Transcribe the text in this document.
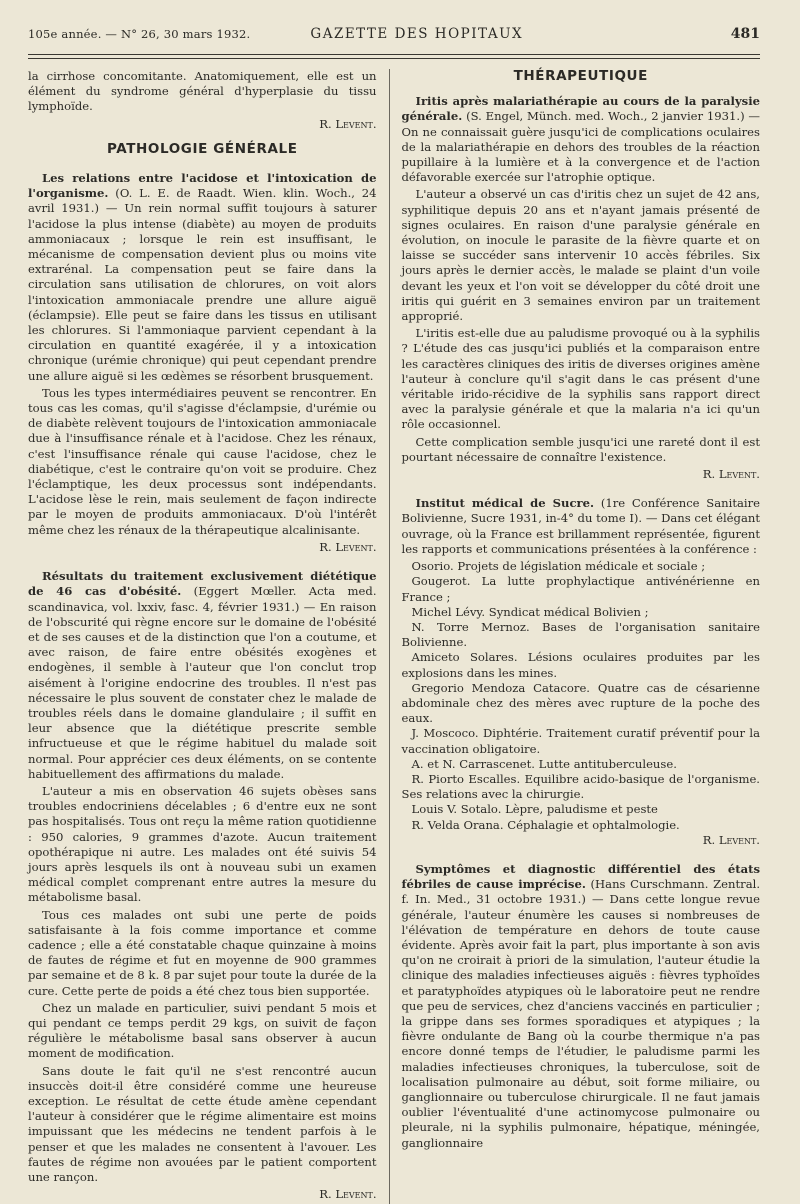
105e année. — N° 26, 30 mars 1932.	GAZETTE DES HOPITAUX	481

la cirrhose concomitante. Anatomiquement, elle est un élément du syndrome général d'hyperplasie du tissu lymphoïde.

R. Levent.

PATHOLOGIE GÉNÉRALE

Les relations entre l'acidose et l'intoxication de l'organisme. (O. L. E. de Raadt. Wien. klin. Woch., 24 avril 1931.) — Un rein normal suffit toujours à saturer l'acidose la plus intense (diabète) au moyen de produits ammoniacaux ; lorsque le rein est insuffisant, le mécanisme de compensation devient plus ou moins vite extrarénal. La compensation peut se faire dans la circulation sans utilisation de chlorures, on voit alors l'intoxication ammoniacale prendre une allure aiguë (éclampsie). Elle peut se faire dans les tissus en utilisant les chlorures. Si l'ammoniaque parvient cependant à la circulation en quantité exagérée, il y a intoxication chronique (urémie chronique) qui peut cependant prendre une allure aiguë si les œdèmes se résorbent brusquement.

Tous les types intermédiaires peuvent se rencontrer. En tous cas les comas, qu'il s'agisse d'éclampsie, d'urémie ou de diabète relèvent toujours de l'intoxication ammoniacale due à l'insuffisance rénale et à l'acidose. Chez les rénaux, c'est l'insuffisance rénale qui cause l'acidose, chez le diabétique, c'est le contraire qu'on voit se produire. Chez l'éclamptique, les deux processus sont indépendants. L'acidose lèse le rein, mais seulement de façon indirecte par le moyen de produits ammoniacaux. D'où l'intérêt même chez les rénaux de la thérapeutique alcalinisante.

R. Levent.

Résultats du traitement exclusivement diététique de 46 cas d'obésité. (Eggert Mœller. Acta med. scandinavica, vol. lxxiv, fasc. 4, février 1931.) — En raison de l'obscurité qui règne encore sur le domaine de l'obésité et de ses causes et de la distinction que l'on a coutume, et avec raison, de faire entre obésités exogènes et endogènes, il semble à l'auteur que l'on conclut trop aisément à l'origine endocrine des troubles. Il n'est pas nécessaire le plus souvent de constater chez le malade de troubles réels dans le domaine glandulaire ; il suffit en leur absence que la diététique prescrite semble infructueuse et que le régime habituel du malade soit normal. Pour apprécier ces deux éléments, on se contente habituellement des affirmations du malade.

L'auteur a mis en observation 46 sujets obèses sans troubles endocriniens décelables ; 6 d'entre eux ne sont pas hospitalisés. Tous ont reçu la même ration quotidienne : 950 calories, 9 grammes d'azote. Aucun traitement opothérapique ni autre. Les malades ont été suivis 54 jours après lesquels ils ont à nouveau subi un examen médical complet comprenant entre autres la mesure du métabolisme basal.

Tous ces malades ont subi une perte de poids satisfaisante à la fois comme importance et comme cadence ; elle a été constatable chaque quinzaine à moins de fautes de régime et fut en moyenne de 900 grammes par semaine et de 8 k. 8 par sujet pour toute la durée de la cure. Cette perte de poids a été chez tous bien supportée.

Chez un malade en particulier, suivi pendant 5 mois et qui pendant ce temps perdit 29 kgs, on suivit de façon régulière le métabolisme basal sans observer à aucun moment de modification.

Sans doute le fait qu'il ne s'est rencontré aucun insuccès doit-il être considéré comme une heureuse exception. Le résultat de cette étude amène cependant l'auteur à considérer que le régime alimentaire est moins impuissant que les médecins ne tendent parfois à le penser et que les malades ne consentent à l'avouer. Les fautes de régime non avouées par le patient comportent une rançon.

R. Levent.

THÉRAPEUTIQUE

Iritis après malariathérapie au cours de la paralysie générale. (S. Engel, Münch. med. Woch., 2 janvier 1931.) — On ne connaissait guère jusqu'ici de complications oculaires de la malariathérapie en dehors des troubles de la réaction pupillaire à la lumière et à la convergence et de l'action défavorable exercée sur l'atrophie optique.

L'auteur a observé un cas d'iritis chez un sujet de 42 ans, syphilitique depuis 20 ans et n'ayant jamais présenté de signes oculaires. En raison d'une paralysie générale en évolution, on inocule le parasite de la fièvre quarte et on laisse se succéder sans intervenir 10 accès fébriles. Six jours après le dernier accès, le malade se plaint d'un voile devant les yeux et l'on voit se développer du côté droit une iritis qui guérit en 3 semaines environ par un traitement approprié.

L'iritis est-elle due au paludisme provoqué ou à la syphilis ? L'étude des cas jusqu'ici publiés et la comparaison entre les caractères cliniques des iritis de diverses origines amène l'auteur à conclure qu'il s'agit dans le cas présent d'une véritable irido-récidive de la syphilis sans rapport direct avec la paralysie générale et que la malaria n'a ici qu'un rôle occasionnel.

Cette complication semble jusqu'ici une rareté dont il est pourtant nécessaire de connaître l'existence.

R. Levent.

Institut médical de Sucre. (1re Conférence Sanitaire Bolivienne, Sucre 1931, in-4° du tome I). — Dans cet élégant ouvrage, où la France est brillamment représentée, figurent les rapports et communications présentées à la conférence :

Osorio. Projets de législation médicale et sociale ;

Gougerot. La lutte prophylactique antivénérienne en France ;

Michel Lévy. Syndicat médical Bolivien ;

N. Torre Mernoz. Bases de l'organisation sanitaire Bolivienne.

Amiceto Solares. Lésions oculaires produites par les explosions dans les mines.

Gregorio Mendoza Catacore. Quatre cas de césarienne abdominale chez des mères avec rupture de la poche des eaux.

J. Moscoco. Diphtérie. Traitement curatif préventif pour la vaccination obligatoire.

A. et N. Carrascenet. Lutte antituberculeuse.

R. Piorto Escalles. Equilibre acido-basique de l'organisme. Ses relations avec la chirurgie.

Louis V. Sotalo. Lèpre, paludisme et peste

R. Velda Orana. Céphalagie et ophtalmologie.

R. Levent.

Symptômes et diagnostic différentiel des états fébriles de cause imprécise. (Hans Curschmann. Zentral. f. In. Med., 31 octobre 1931.) — Dans cette longue revue générale, l'auteur énumère les causes si nombreuses de l'élévation de température en dehors de toute cause évidente. Après avoir fait la part, plus importante à son avis qu'on ne croirait à priori de la simulation, l'auteur étudie la clinique des maladies infectieuses aiguës : fièvres typhoïdes et paratyphoïdes atypiques où le laboratoire peut ne rendre que peu de services, chez d'anciens vaccinés en particulier ; la grippe dans ses formes sporadiques et atypiques ; la fièvre ondulante de Bang où la courbe thermique n'a pas encore donné temps de l'étudier, le paludisme parmi les maladies infectieuses chroniques, la tuberculose, soit de localisation pulmonaire au début, soit forme miliaire, ou ganglionnaire ou tuberculose chirurgicale. Il ne faut jamais oublier l'éventualité d'une actinomycose pulmonaire ou pleurale, ni la syphilis pulmonaire, hépatique, méningée, ganglionnaire
